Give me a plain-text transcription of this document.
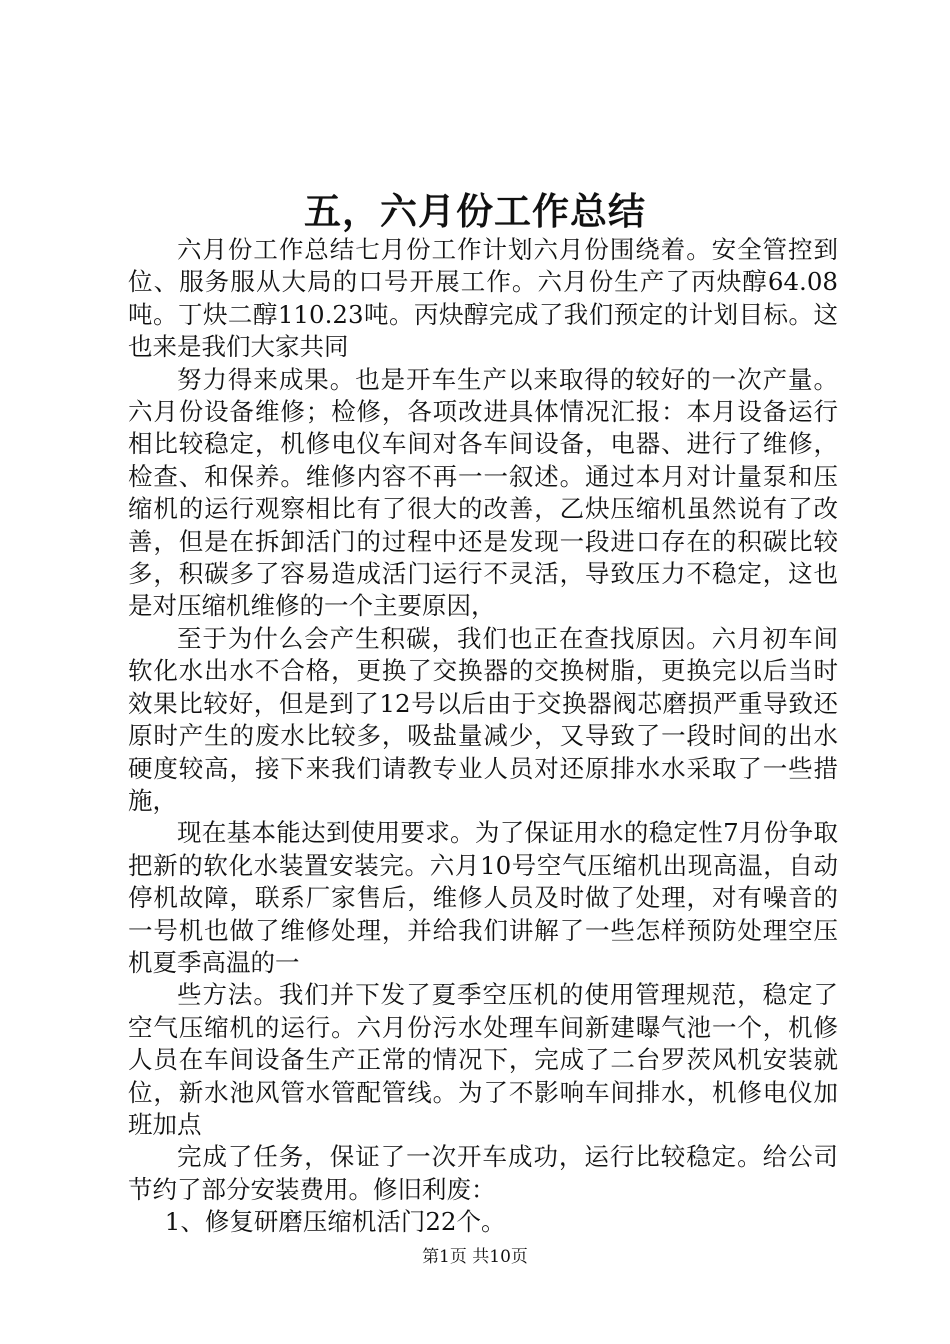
五，六月份工作总结

六月份工作总结七月份工作计划六月份围绕着。安全管控到位、服务服从大局的口号开展工作。六月份生产了丙炔醇64.08吨。丁炔二醇110.23吨。丙炔醇完成了我们预定的计划目标。这也来是我们大家共同

努力得来成果。也是开车生产以来取得的较好的一次产量。六月份设备维修；检修，各项改进具体情况汇报：本月设备运行相比较稳定，机修电仪车间对各车间设备，电器、进行了维修，检查、和保养。维修内容不再一一叙述。通过本月对计量泵和压缩机的运行观察相比有了很大的改善，乙炔压缩机虽然说有了改善，但是在拆卸活门的过程中还是发现一段进口存在的积碳比较多，积碳多了容易造成活门运行不灵活，导致压力不稳定，这也是对压缩机维修的一个主要原因，

至于为什么会产生积碳，我们也正在查找原因。六月初车间软化水出水不合格，更换了交换器的交换树脂，更换完以后当时效果比较好，但是到了12号以后由于交换器阀芯磨损严重导致还原时产生的废水比较多，吸盐量减少，又导致了一段时间的出水硬度较高，接下来我们请教专业人员对还原排水水采取了一些措施，

现在基本能达到使用要求。为了保证用水的稳定性7月份争取把新的软化水装置安装完。六月10号空气压缩机出现高温，自动停机故障，联系厂家售后，维修人员及时做了处理，对有噪音的一号机也做了维修处理，并给我们讲解了一些怎样预防处理空压机夏季高温的一

些方法。我们并下发了夏季空压机的使用管理规范，稳定了空气压缩机的运行。六月份污水处理车间新建曝气池一个，机修人员在车间设备生产正常的情况下，完成了二台罗茨风机安装就位，新水池风管水管配管线。为了不影响车间排水，机修电仪加班加点

完成了任务，保证了一次开车成功，运行比较稳定。给公司节约了部分安装费用。修旧利废：

1、修复研磨压缩机活门22个。

第1页 共10页
